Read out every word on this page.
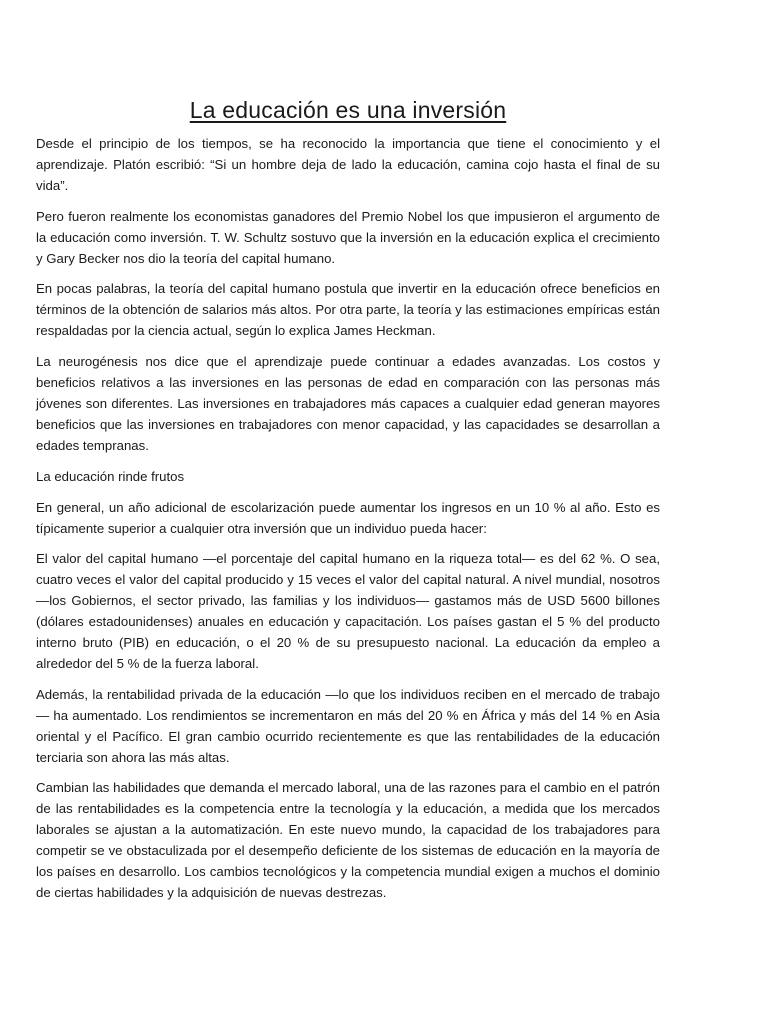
La educación es una inversión

Desde el principio de los tiempos, se ha reconocido la importancia que tiene el conocimiento y el aprendizaje. Platón escribió: “Si un hombre deja de lado la educación, camina cojo hasta el final de su vida”.

Pero fueron realmente los economistas ganadores del Premio Nobel los que impusieron el argumento de la educación como inversión. T. W. Schultz sostuvo que la inversión en la educación explica el crecimiento y Gary Becker nos dio la teoría del capital humano.

En pocas palabras, la teoría del capital humano postula que invertir en la educación ofrece beneficios en términos de la obtención de salarios más altos. Por otra parte, la teoría y las estimaciones empíricas están respaldadas por la ciencia actual, según lo explica James Heckman.

La neurogénesis nos dice que el aprendizaje puede continuar a edades avanzadas. Los costos y beneficios relativos a las inversiones en las personas de edad en comparación con las personas más jóvenes son diferentes. Las inversiones en trabajadores más capaces a cualquier edad generan mayores beneficios que las inversiones en trabajadores con menor capacidad, y las capacidades se desarrollan a edades tempranas.

La educación rinde frutos

En general, un año adicional de escolarización puede aumentar los ingresos en un 10 % al año. Esto es típicamente superior a cualquier otra inversión que un individuo pueda hacer:

El valor del capital humano —el porcentaje del capital humano en la riqueza total— es del 62 %. O sea, cuatro veces el valor del capital producido y 15 veces el valor del capital natural. A nivel mundial, nosotros —los Gobiernos, el sector privado, las familias y los individuos— gastamos más de USD 5600 billones (dólares estadounidenses) anuales en educación y capacitación. Los países gastan el 5 % del producto interno bruto (PIB) en educación, o el 20 % de su presupuesto nacional. La educación da empleo a alrededor del 5 % de la fuerza laboral.

Además, la rentabilidad privada de la educación —lo que los individuos reciben en el mercado de trabajo— ha aumentado. Los rendimientos se incrementaron en más del 20 % en África y más del 14 % en Asia oriental y el Pacífico. El gran cambio ocurrido recientemente es que las rentabilidades de la educación terciaria son ahora las más altas.

Cambian las habilidades que demanda el mercado laboral, una de las razones para el cambio en el patrón de las rentabilidades es la competencia entre la tecnología y la educación, a medida que los mercados laborales se ajustan a la automatización. En este nuevo mundo, la capacidad de los trabajadores para competir se ve obstaculizada por el desempeño deficiente de los sistemas de educación en la mayoría de los países en desarrollo. Los cambios tecnológicos y la competencia mundial exigen a muchos el dominio de ciertas habilidades y la adquisición de nuevas destrezas.
